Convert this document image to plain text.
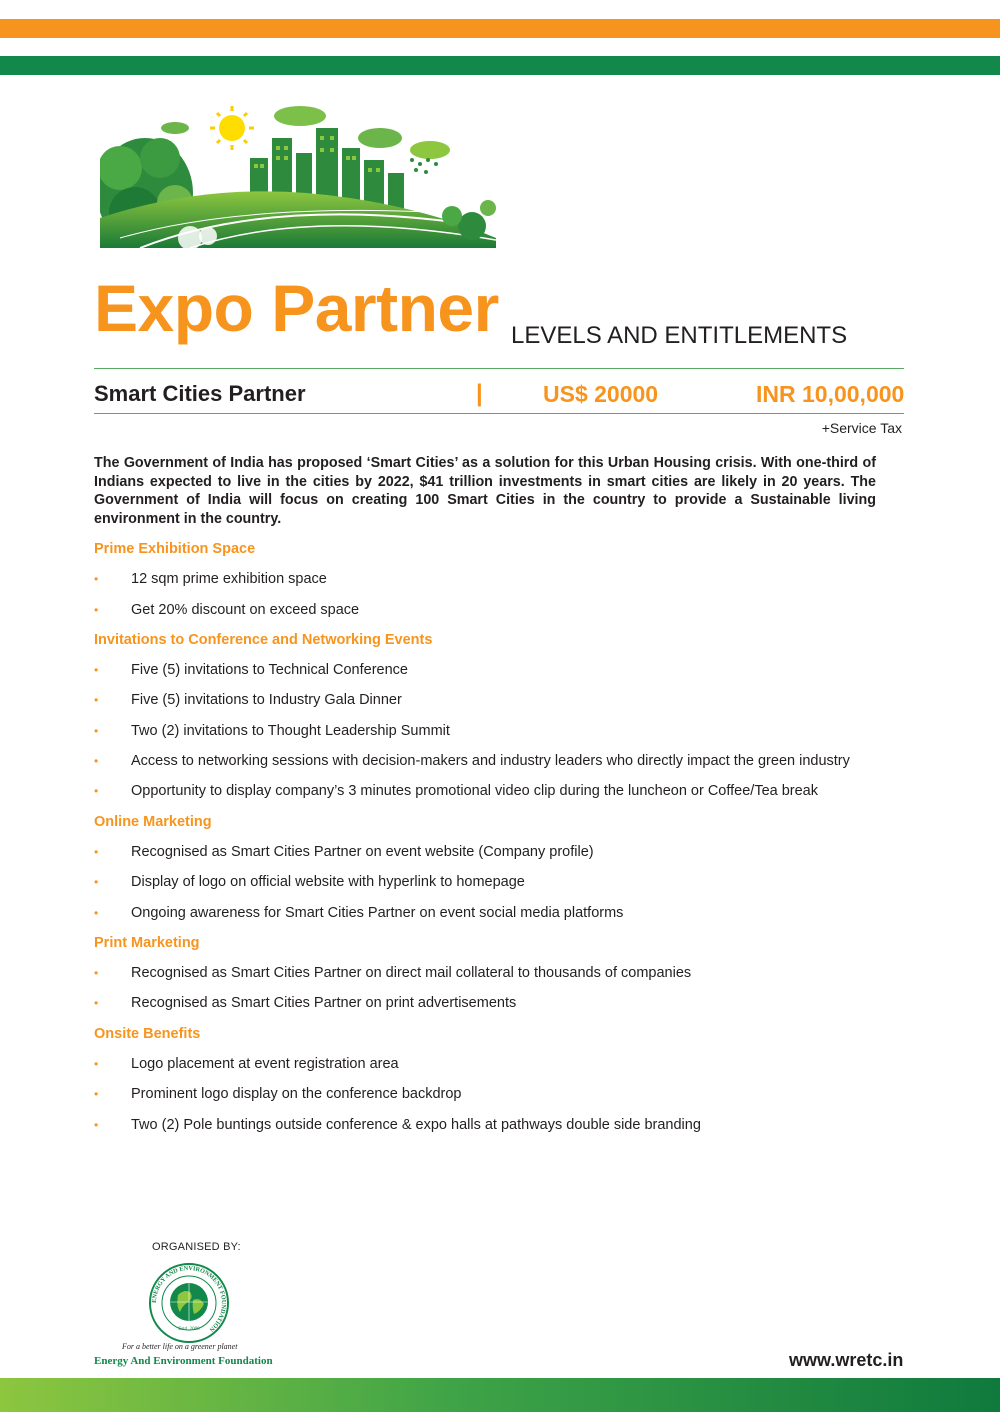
Expo Partner LEVELS AND ENTITLEMENTS
Smart Cities Partner	|	US$ 20000	INR 10,00,000
+Service Tax

The Government of India has proposed ‘Smart Cities’ as a solution for this Urban Housing crisis. With one-third of Indians expected to live in the cities by 2022, $41 trillion investments in smart cities are likely in 20 years. The Government of India will focus on creating 100 Smart Cities in the country to provide a Sustainable living environment in the country.

Prime Exhibition Space
• 12 sqm prime exhibition space
• Get 20% discount on exceed space
Invitations to Conference and Networking Events
• Five (5) invitations to Technical Conference
• Five (5) invitations to Industry Gala Dinner
• Two (2) invitations to Thought Leadership Summit
• Access to networking sessions with decision-makers and industry leaders who directly impact the green industry
• Opportunity to display company’s 3 minutes promotional video clip during the luncheon or Coffee/Tea break
Online Marketing
• Recognised as Smart Cities Partner on event website (Company profile)
• Display of logo on official website with hyperlink to homepage
• Ongoing awareness for Smart Cities Partner on event social media platforms
Print Marketing
• Recognised as Smart Cities Partner on direct mail collateral to thousands of companies
• Recognised as Smart Cities Partner on print advertisements
Onsite Benefits
• Logo placement at event registration area
• Prominent logo display on the conference backdrop
• Two (2) Pole buntings outside conference & expo halls at pathways double side branding
ORGANISED BY:
ENERGY AND ENVIRONMENT FOUNDATION
Estd. 2008
For a better life on a greener planet
Energy And Environment Foundation	www.wretc.in
